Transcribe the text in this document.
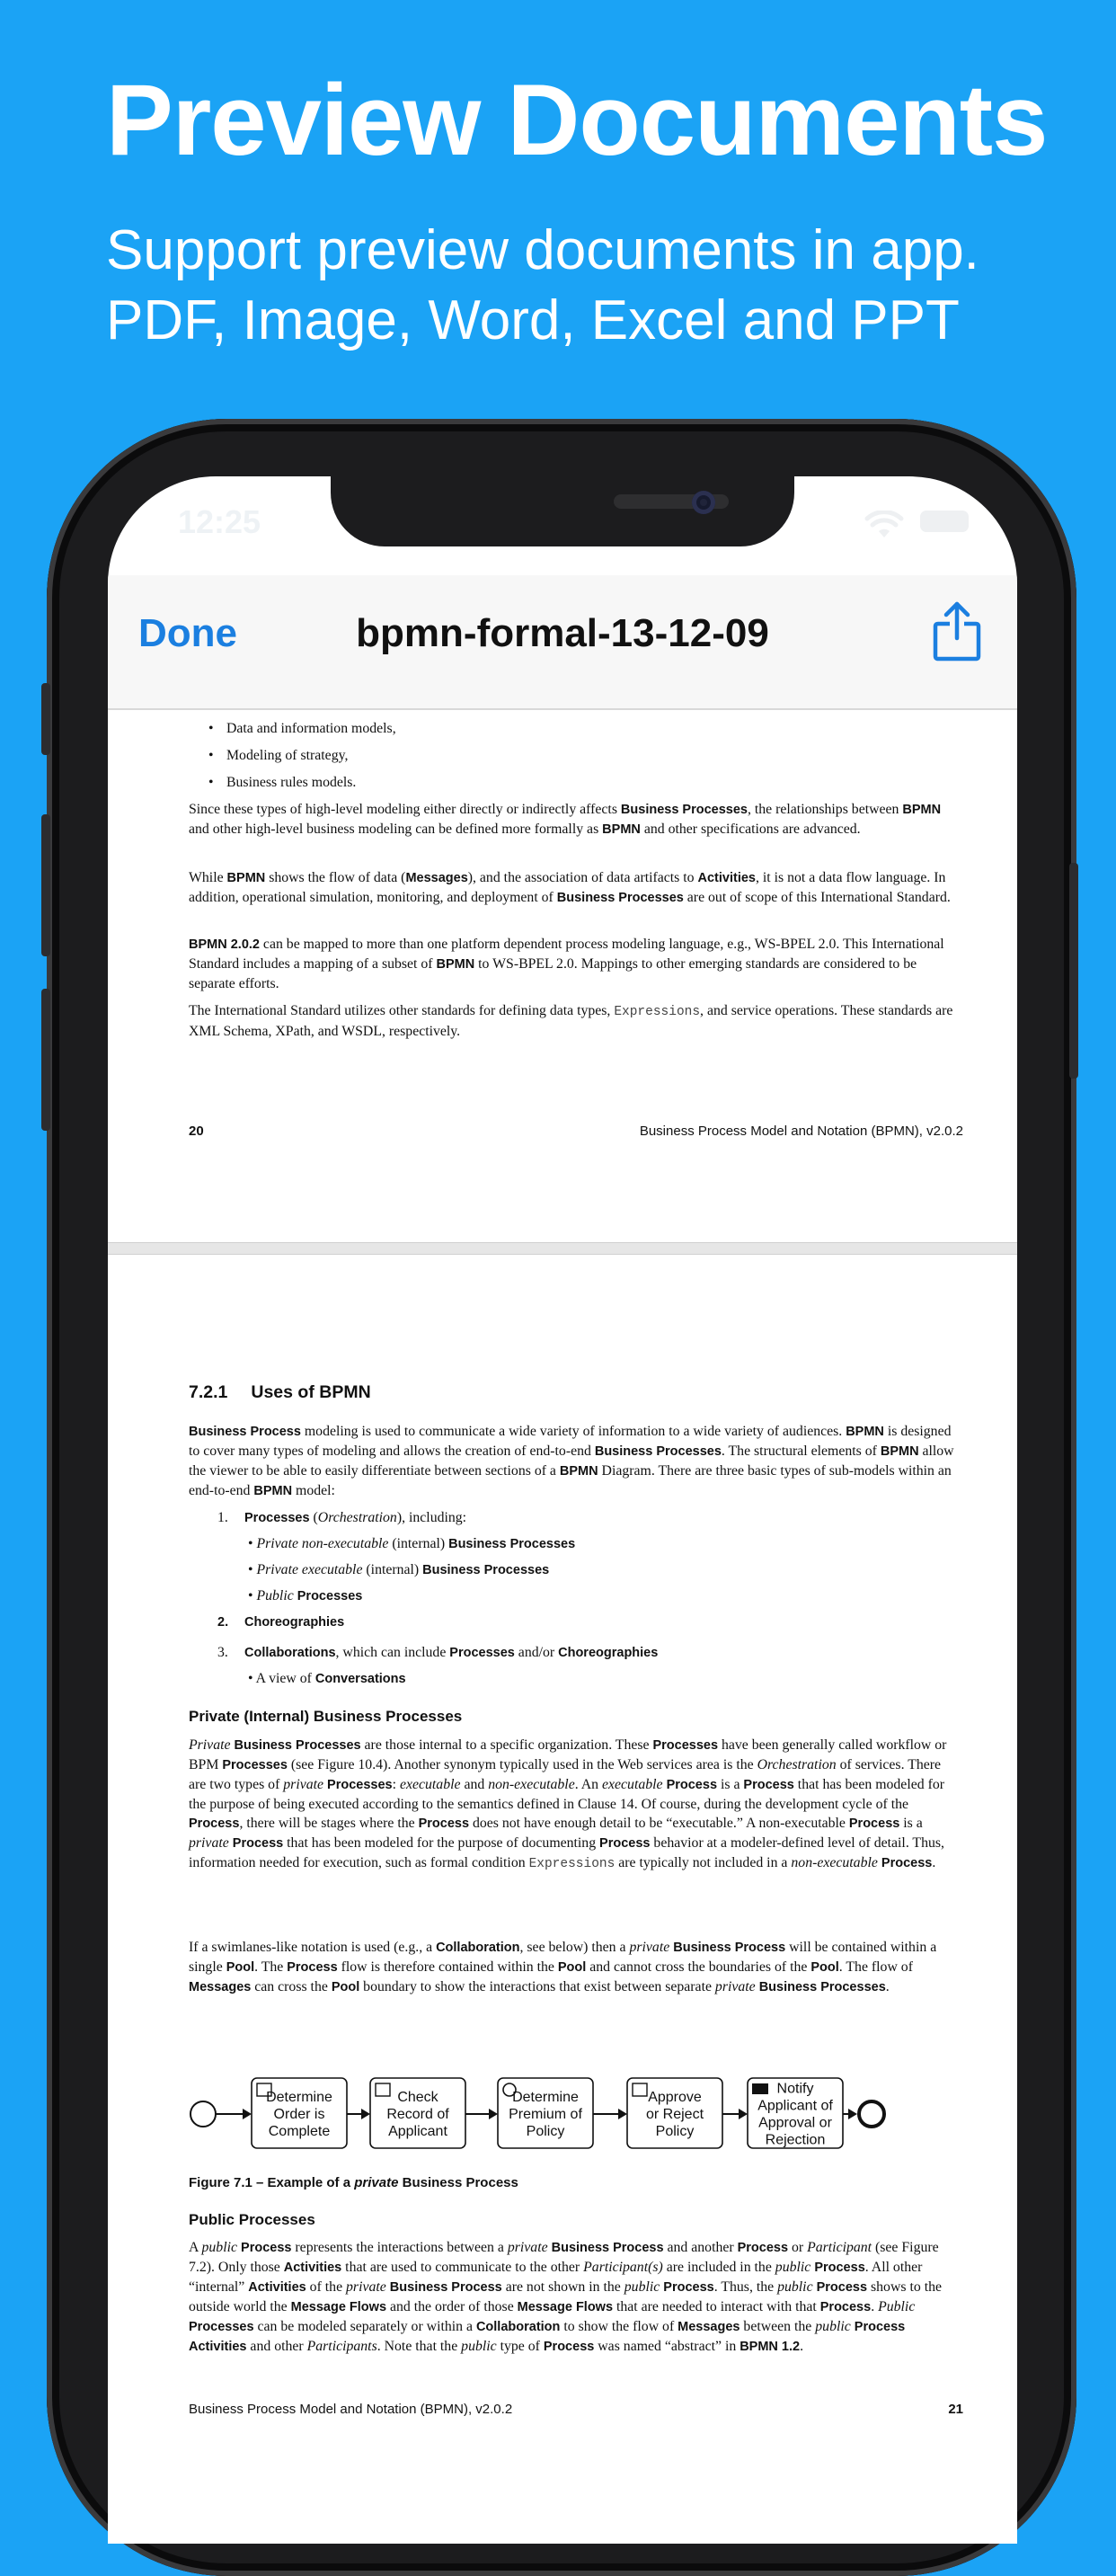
Preview Documents

Support preview documents in app.
PDF, Image, Word, Excel and PPT

12:25
Done	bpmn-formal-13-12-09
• Data and information models,
• Modeling of strategy,
• Business rules models.

Since these types of high-level modeling either directly or indirectly affects Business Processes, the relationships between BPMN and other high-level business modeling can be defined more formally as BPMN and other specifications are advanced.

While BPMN shows the flow of data (Messages), and the association of data artifacts to Activities, it is not a data flow language. In addition, operational simulation, monitoring, and deployment of Business Processes are out of scope of this International Standard.

BPMN 2.0.2 can be mapped to more than one platform dependent process modeling language, e.g., WS-BPEL 2.0. This International Standard includes a mapping of a subset of BPMN to WS-BPEL 2.0. Mappings to other emerging standards are considered to be separate efforts.

The International Standard utilizes other standards for defining data types, Expressions, and service operations. These standards are XML Schema, XPath, and WSDL, respectively.

20	Business Process Model and Notation (BPMN), v2.0.2
7.2.1 Uses of BPMN

Business Process modeling is used to communicate a wide variety of information to a wide variety of audiences. BPMN is designed to cover many types of modeling and allows the creation of end-to-end Business Processes. The structural elements of BPMN allow the viewer to be able to easily differentiate between sections of a BPMN Diagram. There are three basic types of sub-models within an end-to-end BPMN model:

1. Processes (Orchestration), including:
• Private non-executable (internal) Business Processes
• Private executable (internal) Business Processes
• Public Processes
2. Choreographies
3. Collaborations, which can include Processes and/or Choreographies
• A view of Conversations
Private (Internal) Business Processes

Private Business Processes are those internal to a specific organization. These Processes have been generally called workflow or BPM Processes (see Figure 10.4). Another synonym typically used in the Web services area is the Orchestration of services. There are two types of private Processes: executable and non-executable. An executable Process is a Process that has been modeled for the purpose of being executed according to the semantics defined in Clause 14. Of course, during the development cycle of the Process, there will be stages where the Process does not have enough detail to be “executable.” A non-executable Process is a private Process that has been modeled for the purpose of documenting Process behavior at a modeler-defined level of detail. Thus, information needed for execution, such as formal condition Expressions are typically not included in a non-executable Process.

If a swimlanes-like notation is used (e.g., a Collaboration, see below) then a private Business Process will be contained within a single Pool. The Process flow is therefore contained within the Pool and cannot cross the boundaries of the Pool. The flow of Messages can cross the Pool boundary to show the interactions that exist between separate private Business Processes.

Determine
Order is
Complete
Check
Record of
Applicant
Determine
Premium of
Policy
Approve
or Reject
Policy
Notify
Applicant of
Approval or
Rejection
Figure 7.1 – Example of a private Business Process
Public Processes

A public Process represents the interactions between a private Business Process and another Process or Participant (see Figure 7.2). Only those Activities that are used to communicate to the other Participant(s) are included in the public Process. All other “internal” Activities of the private Business Process are not shown in the public Process. Thus, the public Process shows to the outside world the Message Flows and the order of those Message Flows that are needed to interact with that Process. Public Processes can be modeled separately or within a Collaboration to show the flow of Messages between the public Process Activities and other Participants. Note that the public type of Process was named “abstract” in BPMN 1.2.

Business Process Model and Notation (BPMN), v2.0.2	21
